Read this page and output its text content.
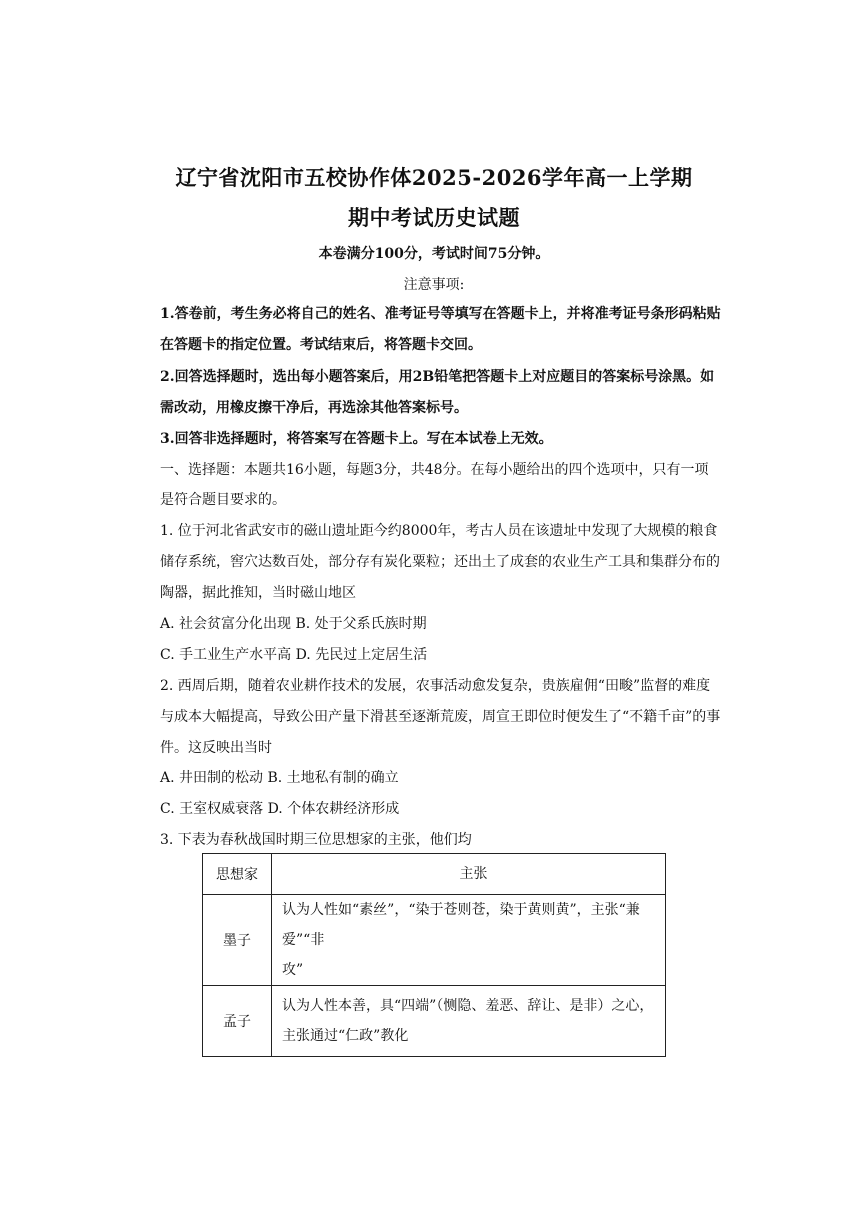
辽宁省沈阳市五校协作体2025-2026学年高一上学期
期中考试历史试题
本卷满分100分，考试时间75分钟。
注意事项:
1.答卷前，考生务必将自己的姓名、准考证号等填写在答题卡上，并将准考证号条形码粘贴
在答题卡的指定位置。考试结束后，将答题卡交回。
2.回答选择题时，选出每小题答案后，用2B铅笔把答题卡上对应题目的答案标号涂黑。如
需改动，用橡皮擦干净后，再选涂其他答案标号。
3.回答非选择题时，将答案写在答题卡上。写在本试卷上无效。
一、选择题：本题共16小题，每题3分，共48分。在每小题给出的四个选项中，只有一项
是符合题目要求的。
1. 位于河北省武安市的磁山遗址距今约8000年，考古人员在该遗址中发现了大规模的粮食
储存系统，窖穴达数百处，部分存有炭化粟粒；还出土了成套的农业生产工具和集群分布的
陶器，据此推知，当时磁山地区
A. 社会贫富分化出现 B. 处于父系氏族时期
C. 手工业生产水平高 D. 先民过上定居生活
2. 西周后期，随着农业耕作技术的发展，农事活动愈发复杂，贵族雇佣“田畯”监督的难度
与成本大幅提高，导致公田产量下滑甚至逐渐荒废，周宣王即位时便发生了“不籍千亩”的事
件。这反映出当时
A. 井田制的松动 B. 土地私有制的确立
C. 王室权威衰落 D. 个体农耕经济形成
3. 下表为春秋战国时期三位思想家的主张，他们均
思想家	主张
墨子	认为人性如“素丝”，“染于苍则苍，染于黄则黄”，主张“兼爱”“非
攻”

孟子	认为人性本善，具“四端”（恻隐、羞恶、辞让、是非）之心，
主张通过“仁政”教化
